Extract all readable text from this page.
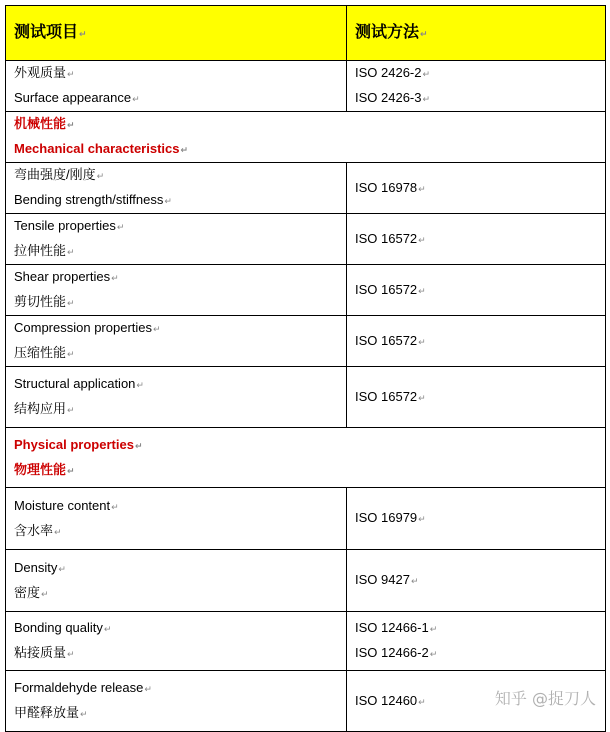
测试项目↵	测试方法↵

外观质量↵
Surface appearance↵	ISO 2426-2↵
ISO 2426-3↵

机械性能↵
Mechanical characteristics↵	

弯曲强度/刚度↵
Bending strength/stiffness↵	ISO 16978↵

Tensile properties↵
拉伸性能↵	ISO 16572↵

Shear properties↵
剪切性能↵	ISO 16572↵

Compression properties↵
压缩性能↵	ISO 16572↵

Structural application↵
结构应用↵	ISO 16572↵

Physical properties↵
物理性能↵	

Moisture content↵
含水率↵	ISO 16979↵

Density↵
密度↵	ISO 9427↵

Bonding quality↵
粘接质量↵	ISO 12466-1↵
ISO 12466-2↵

Formaldehyde release↵
甲醛释放量↵	ISO 12460↵	知乎 @捉刀人
